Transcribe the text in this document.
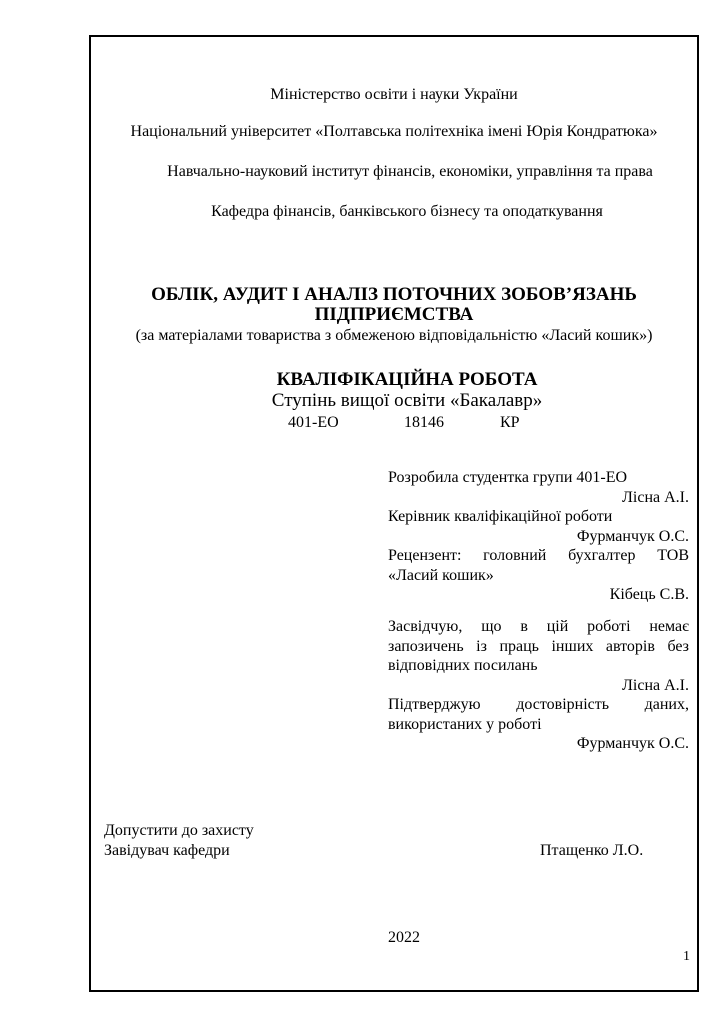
Міністерство освіти і науки України
Національний університет «Полтавська політехніка імені Юрія Кондратюка»
Навчально-науковий інститут фінансів, економіки, управління та права
Кафедра фінансів, банківського бізнесу та оподаткування
ОБЛІК, АУДИТ І АНАЛІЗ ПОТОЧНИХ ЗОБОВ’ЯЗАНЬ
ПІДПРИЄМСТВА
(за матеріалами товариства з обмеженою відповідальністю «Ласий кошик»)
КВАЛІФІКАЦІЙНА РОБОТА
Ступінь вищої освіти «Бакалавр»
401-ЕО	18146	КР
Розробила студентка групи 401-ЕО
Лісна А.І.
Керівник кваліфікаційної роботи
Фурманчук О.С.
Рецензент: головний бухгалтер ТОВ
«Ласий кошик»
Кібець С.В.
Засвідчую, що в цій роботі немає
запозичень із праць інших авторів без
відповідних посилань
Лісна А.І.
Підтверджую достовірність даних,
використаних у роботі
Фурманчук О.С.
Допустити до захисту
Завідувач кафедри	Птащенко Л.О.
2022
1
